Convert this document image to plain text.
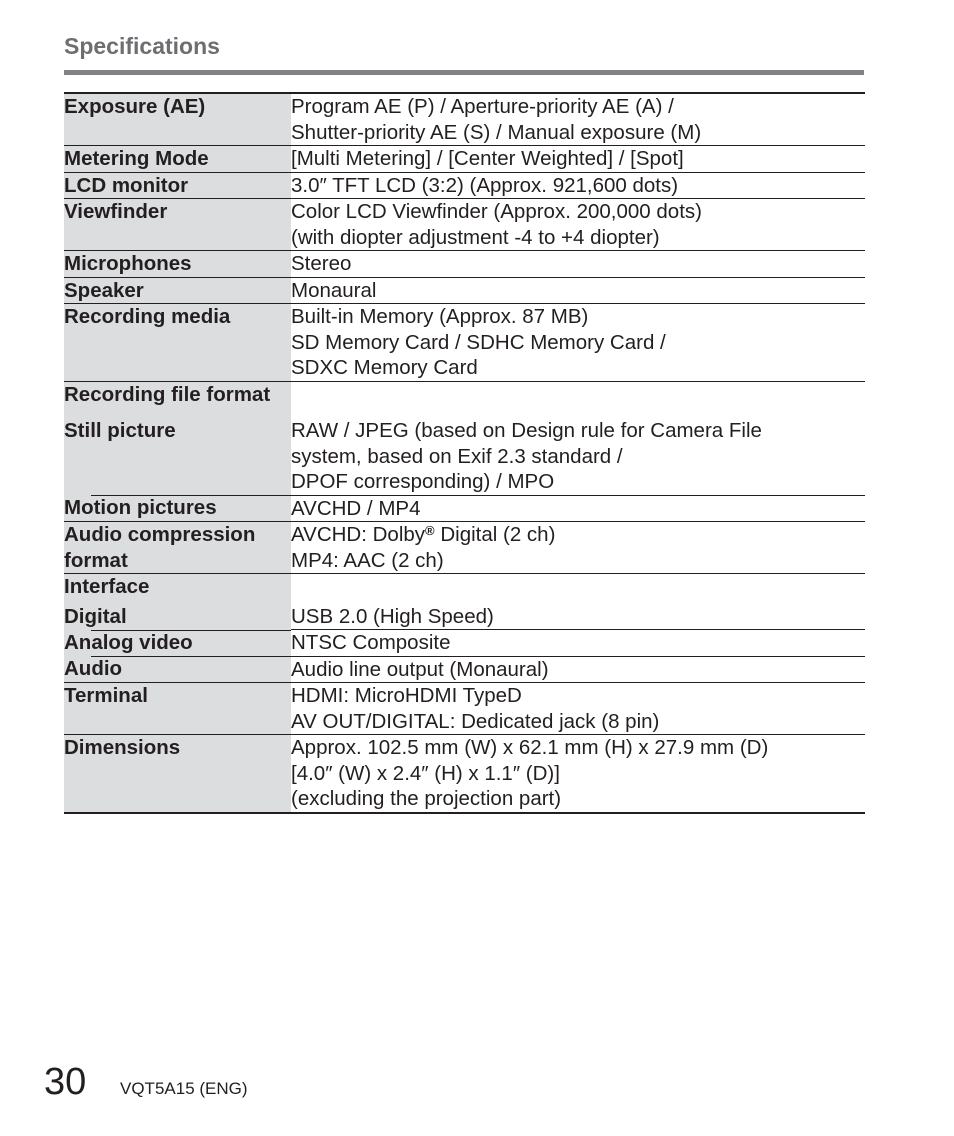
Specifications
Exposure (AE)	Program AE (P) / Aperture-priority AE (A) /
Shutter-priority AE (S) / Manual exposure (M)

Metering Mode	[Multi Metering] / [Center Weighted] / [Spot]

LCD monitor	3.0″ TFT LCD (3:2) (Approx. 921,600 dots)

Viewfinder	Color LCD Viewfinder (Approx. 200,000 dots)
(with diopter adjustment -4 to +4 diopter)

Microphones	Stereo

Speaker	Monaural

Recording media	Built-in Memory (Approx. 87 MB)
SD Memory Card / SDHC Memory Card /
SDXC Memory Card

Recording file format	
Still picture	RAW / JPEG (based on Design rule for Camera File
system, based on Exif 2.3 standard /
DPOF corresponding) / MPO

Motion pictures	AVCHD / MP4

Audio compression format	AVCHD: Dolby® Digital (2 ch)
MP4: AAC (2 ch)

Interface	
Digital	USB 2.0 (High Speed)

Analog video	NTSC Composite

Audio	Audio line output (Monaural)

Terminal	HDMI: MicroHDMI TypeD
AV OUT/DIGITAL: Dedicated jack (8 pin)

Dimensions	Approx. 102.5 mm (W) x 62.1 mm (H) x 27.9 mm (D)
[4.0″ (W) x 2.4″ (H) x 1.1″ (D)]
(excluding the projection part)
30 VQT5A15 (ENG)
